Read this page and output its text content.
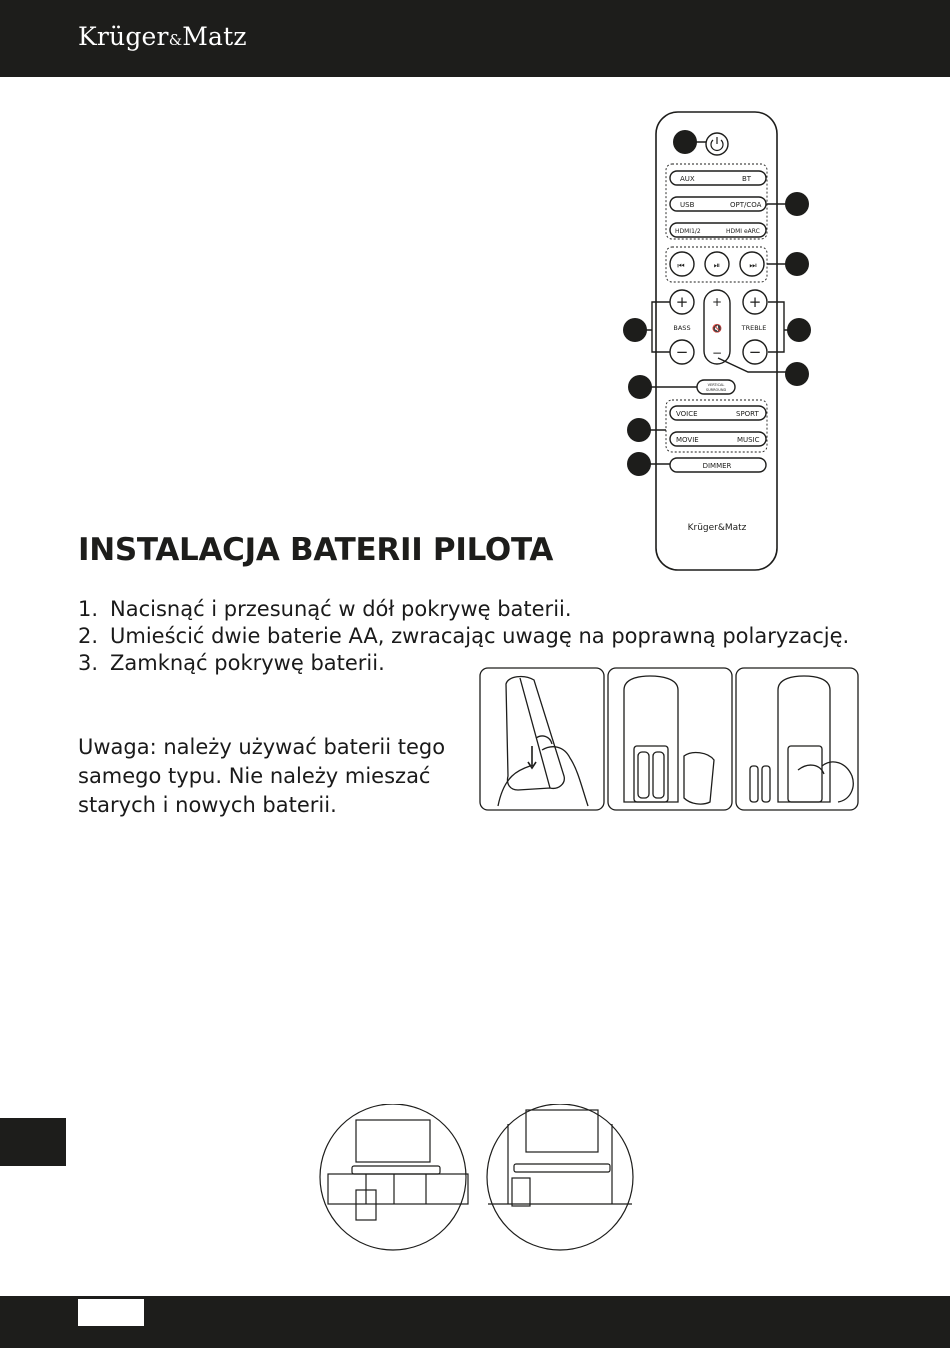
Krüger&Matz
⏮	⏯	⏭
+
−
+
🔇
−
+
−
AUX	BT
USB	OPT/COA
HDMI1/2	HDMI eARC
BASS	TREBLE
VERTICAL
SURROUND
VOICE	SPORT
MOVIE	MUSIC
DIMMER
Krüger&Matz
INSTALACJA BATERII PILOTA
1. Nacisnąć i przesunąć w dół pokrywę baterii.
2. Umieścić dwie baterie AA, zwracając uwagę na poprawną polaryzację.
3. Zamknąć pokrywę baterii.

Uwaga: należy używać baterii tego samego typu. Nie należy mieszać starych i nowych baterii.
